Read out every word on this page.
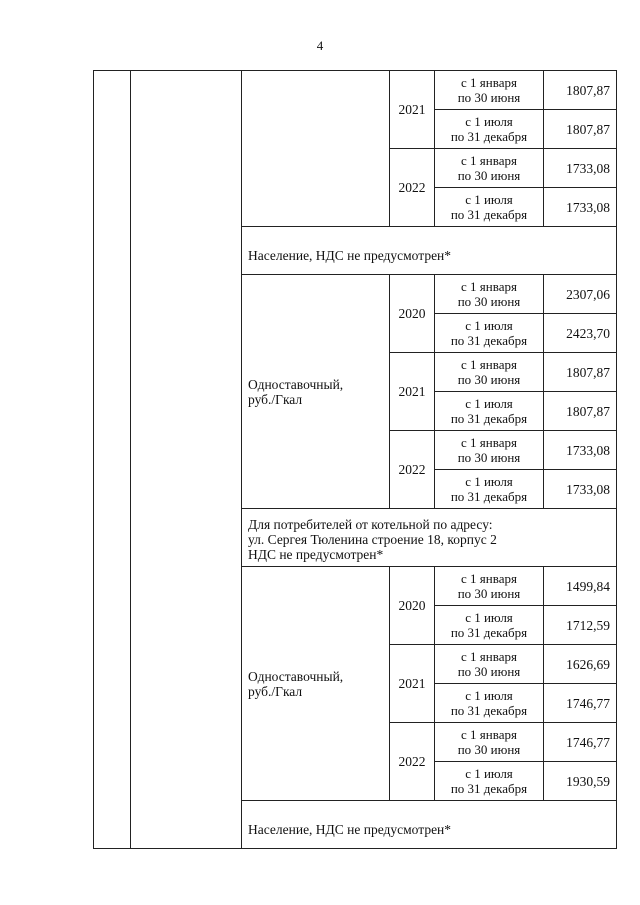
4
			2021	с 1 января
по 30 июня	1807,87

				с 1 июля
по 31 декабря	1807,87
			2022	с 1 января
по 30 июня	1733,08

				с 1 июля
по 31 декабря	1733,08

		Население, НДС не предусмотрен*			

		Одноставочный,
руб./Гкал	2020	с 1 января
по 30 июня	2307,06

				с 1 июля
по 31 декабря	2423,70
			2021	с 1 января
по 30 июня	1807,87

				с 1 июля
по 31 декабря	1807,87
			2022	с 1 января
по 30 июня	1733,08

				с 1 июля
по 31 декабря	1733,08

		Для потребителей от котельной по адресу:
ул. Сергея Тюленина строение 18, корпус 2
НДС не предусмотрен*			

		Одноставочный,
руб./Гкал	2020	с 1 января
по 30 июня	1499,84

				с 1 июля
по 31 декабря	1712,59
			2021	с 1 января
по 30 июня	1626,69

				с 1 июля
по 31 декабря	1746,77
			2022	с 1 января
по 30 июня	1746,77

				с 1 июля
по 31 декабря	1930,59

		Население, НДС не предусмотрен*			
